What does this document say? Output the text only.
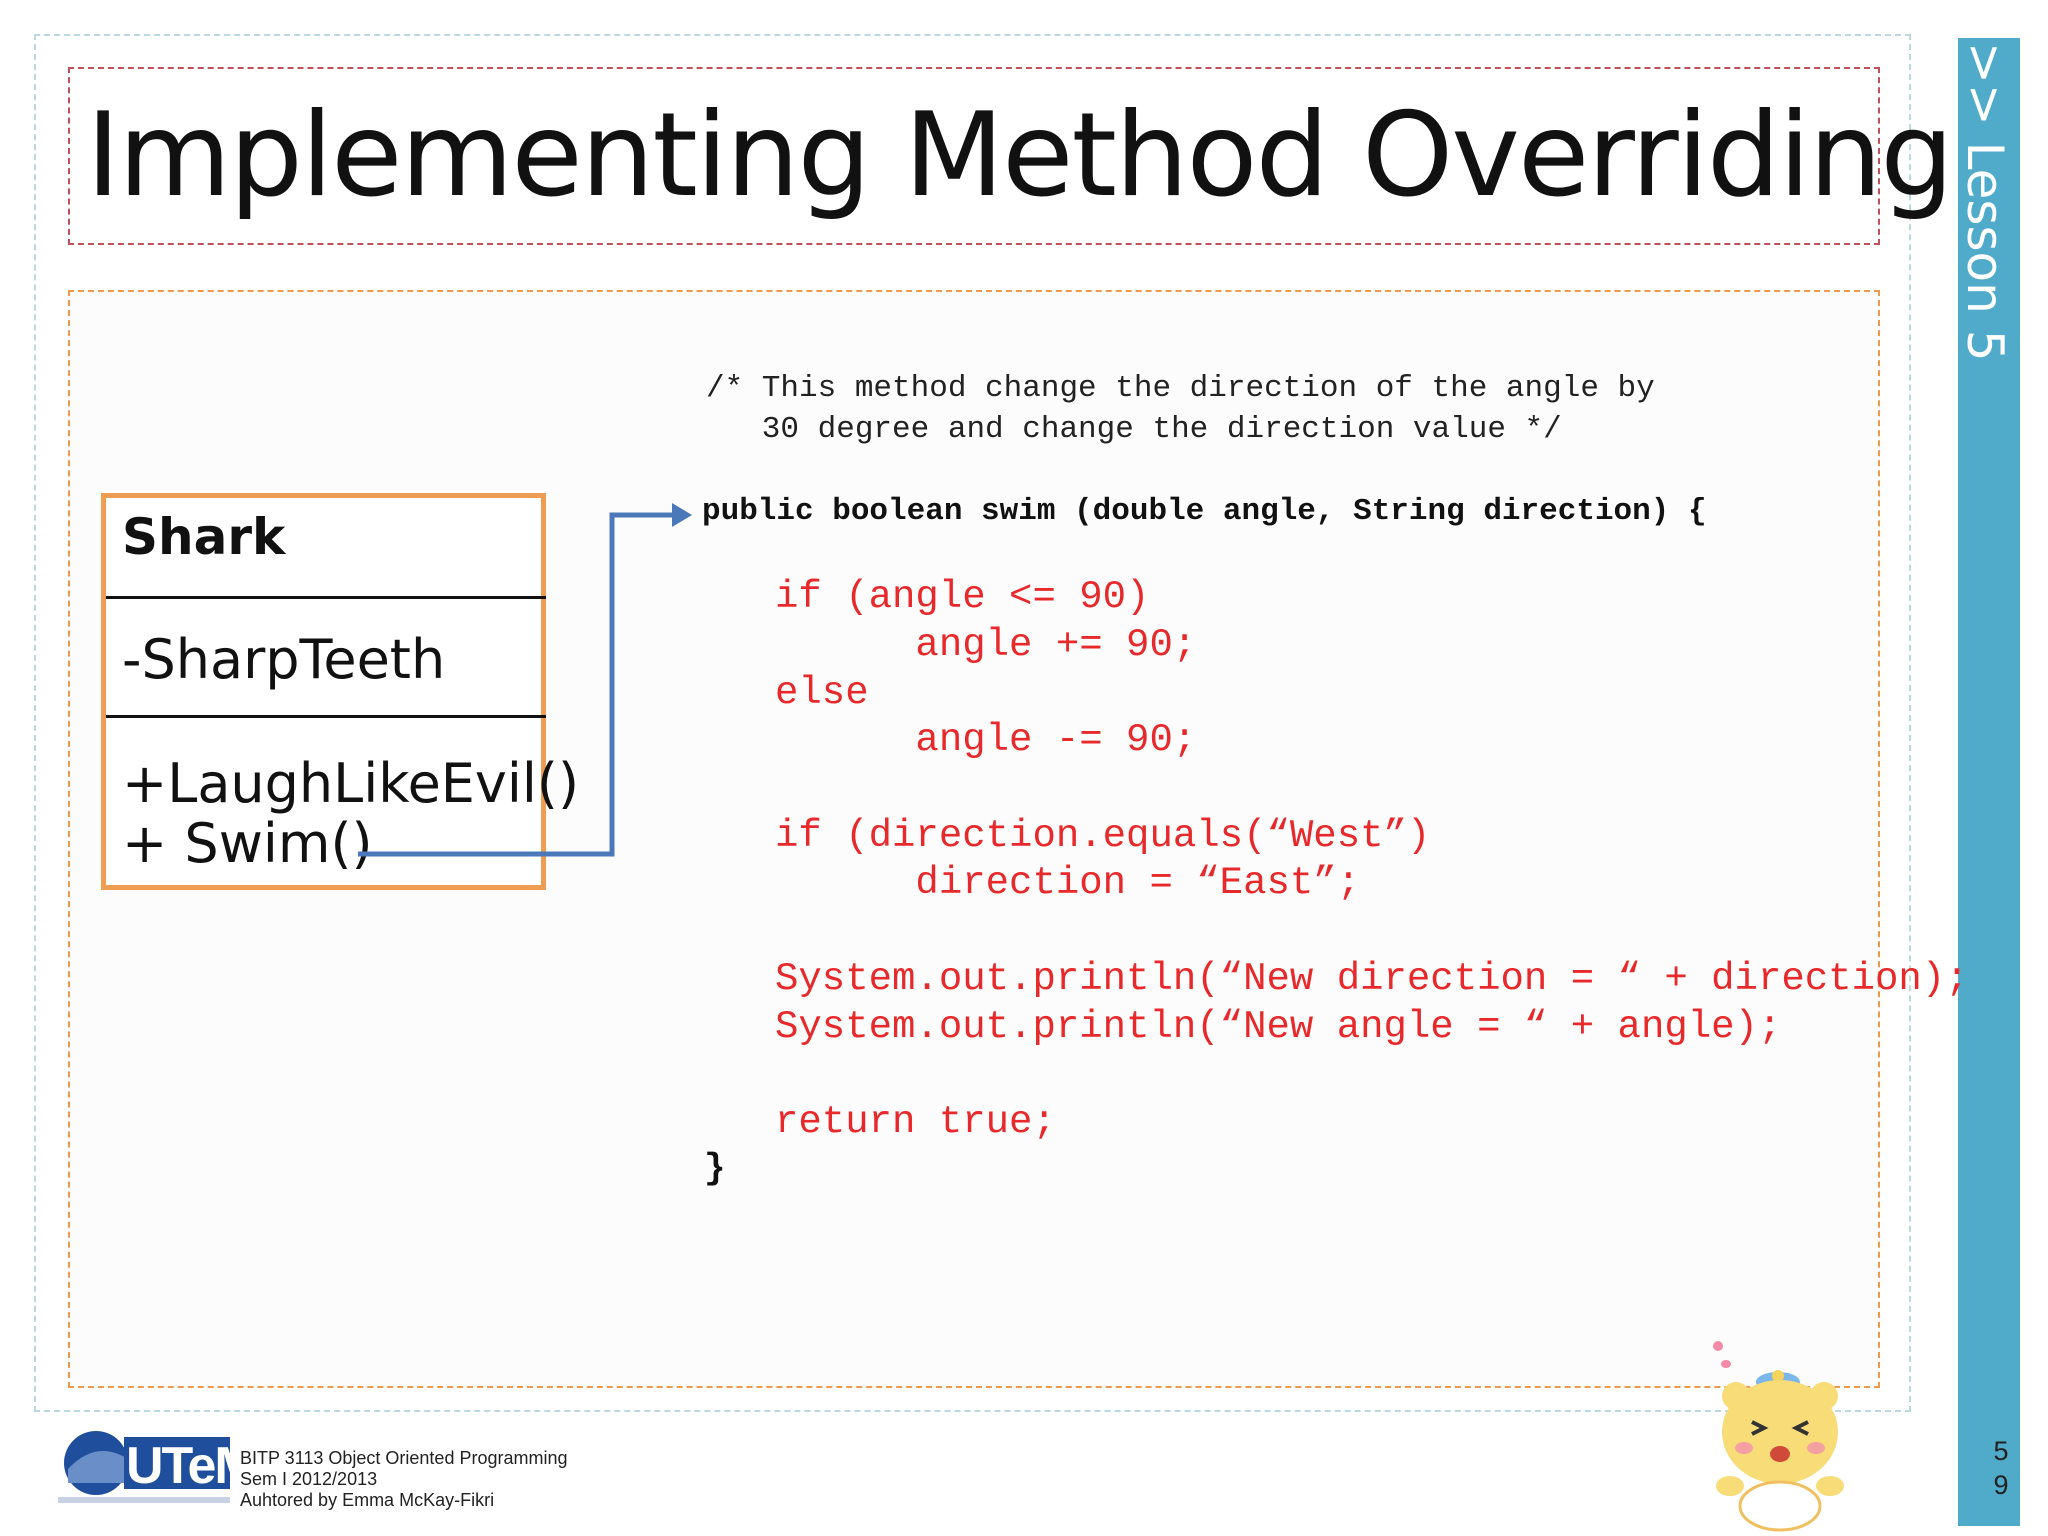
Implementing Method Overriding >> Lesson 5
5
9
Shark
-SharpTeeth
+LaughLikeEvil()
+ Swim()
/* This method change the direction of the angle by
30 degree and change the direction value */
public boolean swim (double angle, String direction) {
if (angle <= 90)
angle += 90;
else
angle -= 90;
if (direction.equals(“West”)
direction = “East”;
System.out.println(“New direction = “ + direction);
System.out.println(“New angle = “ + angle);
return true;
}
UTeM
BITP 3113 Object Oriented Programming
Sem I 2012/2013
Auhtored by Emma McKay-Fikri
